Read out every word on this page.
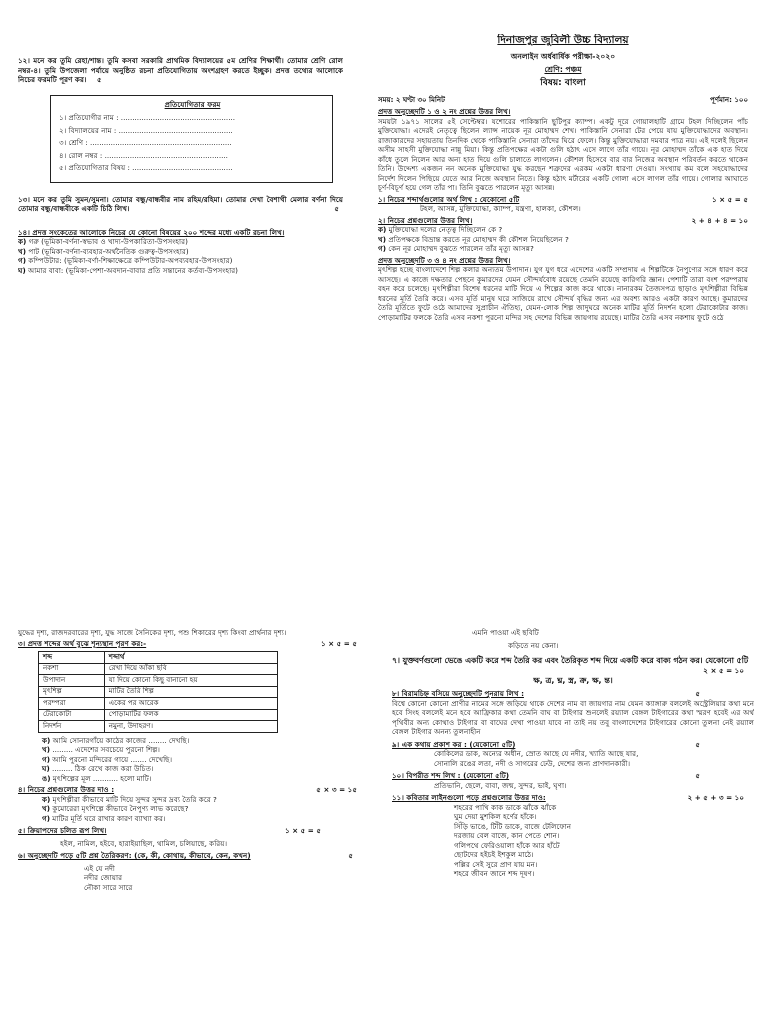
১২। মনে কর তুমি রেহা/শান্ত। তুমি কসবা সরকারি প্রাথমিক বিদ্যালয়ের ৫ম শ্রেণির শিক্ষার্থী। তোমার শ্রেণি রোল নম্বর-৪। তুমি উপজেলা পর্যায়ে অনুষ্ঠিত রচনা প্রতিযোগিতায় অংশগ্রহণ করতে ইচ্ছুক। প্রদত্ত তথ্যের আলোকে নিচের ফরমটি পূরণ কর। ৫
প্রতিযোগিতার ফরম
১। প্রতিযোগীর নাম : ..................................................
২। বিদ্যালয়ের নাম : ..................................................
৩। শ্রেণি : ..............................................................
৪। রোল নম্বর : ......................................................
৫। প্রতিযোগিতার বিষয় : ............................................
১৩। মনে কর তুমি সুমন/সুমনা। তোমার বন্ধু/বান্ধবীর নাম রহিম/রহিমা। তোমার দেখা বৈশাখী মেলার বর্ণনা দিয়ে তোমার বন্ধু/বান্ধবীকে একটি চিঠি লিখ।	৫
১৪। প্রদত্ত সংকেতের আলোকে নিচের যে কোনো বিষয়ের ২০০ শব্দের মধ্যে একটি রচনা লিখ।
ক) গরু (ভূমিকা-বর্ণনা-স্বভাব ও খাদ্য-উপকারিতা-উপসংহার)
খ) পাট (ভূমিকা-বর্ণনা-ব্যবহার-অর্থনৈতিক গুরুত্ব-উপসংহার)
গ) কম্পিউটার: (ভূমিকা-বর্ণা-শিক্ষাক্ষেত্রে কম্পিউটার-অপব্যবহার-উপসংহার)
ঘ) আমার বাবা: (ভূমিকা-পেশা-অবদান-বাবার প্রতি সন্তানের কর্তব্য-উপসংহার)
দিনাজপুর জুবিলী উচ্চ বিদ্যালয়
অনলাইন অর্ধবার্ষিক পরীক্ষা-২০২০
শ্রেণি: পঞ্চম
বিষয়: বাংলা
সময়: ২ ঘণ্টা ৩০ মিনিট	পূর্ণমান: ১০০
প্রদত্ত অনুচ্ছেদটি ১ ও ২ নং প্রশ্নের উত্তর লিখ।
সময়টা ১৯৭১ সালের ৫ই সেপ্টেম্বর। যশোরের পাকিস্তানি ছুটিপুর ক্যাম্প। একটু দূরে গোয়ালহাটি গ্রামে টহল দিচ্ছিলেন পাঁচ মুক্তিযোদ্ধা। এদেরই নেতৃত্বে ছিলেন ল্যান্স নায়েক নূর মোহাম্মদ শেখ। পাকিস্তানি সেনারা টের পেয়ে যায় মুক্তিযোদ্ধাদের অবস্থান। রাজাকারদের সহায়তায় তিনদিক থেকে পাকিস্তানি সেনারা তাঁদের ঘিরে ফেলে। কিন্তু মুক্তিযোদ্ধারা দমবার পাত্র নয়। এই দলেই ছিলেন অসীম সাহসী মুক্তিযোদ্ধা নান্নু মিয়া। কিন্তু প্রতিপক্ষের একটা গুলি হঠাৎ এসে লাগে তাঁর গায়ে। নূর মোহাম্মদ তাঁকে এক হাত দিয়ে কাঁধে তুলে নিলেন আর অন্য হাত দিয়ে গুলি চালাতে লাগলেন। কৌশল হিসেবে বার বার নিজের অবস্থান পরিবর্তন করতে থাকেন তিনি। উদ্দেশ্য একজন নন অনেক মুক্তিযোদ্ধা যুদ্ধ করছেন শত্রুদের এরকম একটা ধারণা দেওয়া। সংখ্যায় কম বলে সহযোদ্ধাদের নির্দেশ দিলেন পিছিয়ে যেতে আর নিজে অবস্থান নিতে। কিন্তু হঠাৎ মর্টারের একটি গোলা এসে লাগল তাঁর গায়ে। গোলার আঘাতে চূর্ণ-বিচূর্ণ হয়ে গেল তাঁর পা। তিনি বুঝতে পারলেন মৃত্যু আসন্ন।
১। নিচের শব্দার্থগুলোর অর্থ লিখ : যেকোনো ৫টি	১ × ৫ = ৫
টহল, আসন্ন, মুক্তিযোদ্ধা, ক্যাম্প, যন্ত্রণা, হালকা, কৌশল।
২। নিচের প্রশ্নগুলোর উত্তর লিখ।	২ + ৪ + ৪ = ১০
ক) মুক্তিযোদ্ধা দলের নেতৃত্ব দিচ্ছিলেন কে ?
খ) প্রতিপক্ষকে বিভ্রান্ত করতে নূর মোহাম্মদ কী কৌশল নিয়েছিলেন ?
গ) কেন নূর মোহাম্মদ বুঝতে পারলেন তাঁর মৃত্যু আসন্ন?
প্রদত্ত অনুচ্ছেদটি ৩ ও ৪ নং প্রশ্নের উত্তর লিখ।
মৃৎশিল্প হচ্ছে বাংলাদেশে শিল্প কলার অন্যতম উপাদান। যুগ যুগ ধরে এদেশের একটি সম্প্রদায় এ শিল্পটিকে নৈপুণ্যের সঙ্গে ধারণ করে আসছে। এ কাজে দক্ষতার পেছনে কুমারদের যেমন সৌন্দর্যবোধ রয়েছে তেমনি রয়েছে কারিগরি জ্ঞান। পেশাটি তারা বংশ পরম্পরায় বহন করে চলেছে। মৃৎশিল্পীরা বিশেষ ধরনের মাটি দিয়ে এ শিল্পের কাজ করে থাকে। নানারকম তৈজসপত্র ছাড়াও মৃৎশিল্পীরা বিভিন্ন ধরনের মূর্তি তৈরি করে। এসব মূর্তি মানুষ ঘরে সাজিয়ে রাখে সৌন্দর্য বৃদ্ধির জন্য এর অবশ্য আরও একটা কারণ আছে। কুমারদের তৈরি মূর্তিতে ফুটে ওঠে আমাদের সুপ্রাচীন ঐতিহ্য, যেমন-লোক শিল্প জাদুঘরে অনেক মাটির মূর্তি নিদর্শন হলো টেরাকোটার কাজ। পোড়ামাটির ফলকে তৈরি এসব নকশা পুরনো মন্দির সহ দেশের বিভিন্ন জায়গায় রয়েছে। মাটির তৈরি এসব নকশায় ফুটে ওঠে
যুদ্ধের দৃশ্য, রাজদরবারের দৃশ্য, যুদ্ধ সাজে সৈনিকের দৃশ্য, পশু শিকারের দৃশ্য কিংবা প্রার্থনার দৃশ্য।
৩। প্রদত্ত শব্দের অর্থ বুঝে শূন্যস্থান পূরণ কর:-	১ × ৫ = ৫
শব্দ	শব্দার্থ
নকশা	রেখা দিয়ে আঁকা ছবি
উপাদান	যা দিয়ে কোনো কিছু বানানো হয়
মৃৎশিল্প	মাটির তৈরি শিল্প
পরম্পরা	একের পর আরেক
টেরাকোটা	পোড়ামাটির ফলক
নিদর্শন	নমুনা, উদাহরণ।
ক) আমি সোনারগাঁয়ে কাঠের কাজের ........ দেখছি।
খ) ......... এদেশের সবচেয়ে পুরনো শিল্প।
গ) আমি পুরনো মন্দিরের গায়ে ....... দেখেছি।
ঘ) ......... ঠিক রেখে কাজ করা উচিত।
ঙ) মৃৎশিল্পের মূল ........... হলো মাটি।
৪। নিচের প্রশ্নগুলোর উত্তর দাও :	৫ × ৩ = ১৫
ক) মৃৎশিল্পীরা কীভাবে মাটি দিয়ে সুন্দর সুন্দর দ্রব্য তৈরি করে ?
খ) কুমোরেরা মৃৎশিল্পে কীভাবে নৈপুণ্য লাভ করেছে?
গ) মাটির মূর্তি ঘরে রাখার কারণ ব্যাখ্যা কর।
৫। ক্রিয়াপদের চলিত রূপ লিখ।	১ × ৫ = ৫
হইল, নামিল, হইবে, হারাইয়াছিল, থামিল, চলিয়াছে, করিয়।
৬। অনুচ্ছেদটি পড়ে ৫টি প্রশ্ন তৈরিকরণ: (কে, কী, কোথায়, কীভাবে, কেন, কখন)	৫
এই যে নদী
নদীর জোয়ার
নৌকা সারে সারে
এমনি পাওয়া এই ছবিটি
কড়িতে নয় কেনা।
৭। যুক্তবর্ণগুলো ভেঙে একটি করে শব্দ তৈরি কর এবং তৈরিকৃত শব্দ দিয়ে একটি করে বাক্য গঠন কর। যেকোনো ৫টি
২ × ৫ = ১০
ক্ষ, ত্র, ঘ্ন, স্ত্র, ক্র, ক্ষ, ন্ত।
৮। বিরামচিহ্ন বসিয়ে অনুচ্ছেদটি পুনরায় লিখ :	৫
বিশ্বে কোনো কোনো প্রাণীর নামের সঙ্গে জড়িয়ে থাকে দেশের নাম বা জায়গার নাম যেমন ক্যাঙ্গারু বললেই অস্ট্রেলিয়ার কথা মনে হবে সিংহ বললেই মনে হবে আফ্রিকার কথা তেমনি বাঘ বা টাইগার শুনলেই রয়্যাল বেঙ্গল টাইগারের কথা স্মরণ হবেই এর অর্থ পৃথিবীর অন্য কোথাও টাইগার বা বাঘের দেখা পাওয়া যাবে না তাই নয় তবু বাংলাদেশের টাইগারের কোনো তুলনা নেই রয়্যাল বেঙ্গল টাইগার অনন্য তুলনাহীন
৯। এক কথায় প্রকাশ কর : (যেকোনো ৫টি)	৫
কোকিলের ডাক, অন্যের অধীন, স্রোত আছে যে নদীর, খ্যাতি আছে যার,
সোনালি রঙের লতা, নদী ও সাগরের ঢেউ, দেশের জন্য প্রাণদানকারী।
১০। বিপরীত শব্দ লিখ : (যেকোনো ৫টি)	৫
প্রতিভানি, ছেলে, বাবা, জন্ম, সুন্দর, ভাই, ঘৃণা।
১১। কবিতার লাইনগুলো পড়ে প্রশ্নগুলোর উত্তর দাও:	২ + ৫ + ৩ = ১০
শহরের পাখি কাক ডাকে ঝাঁকে ঝাঁকে
ঘুম দেয়া মুশকিল হর্ণের হাঁকে।
সিঁড়ি ভাঙে, টিঁটি ডাকে, বাজে টেলিফোন
দরজায় বেল বাজে, কান পেতে শোন।
গলিপথে ফেরিওয়ালা হাঁকে আর হাঁটে
ছোটদের হইচই ইশকুল মাঠে।
পল্লির সেই সুরে প্রাণ যায় মন।
শহরে জীবন জানে শব্দ দূষণ।
